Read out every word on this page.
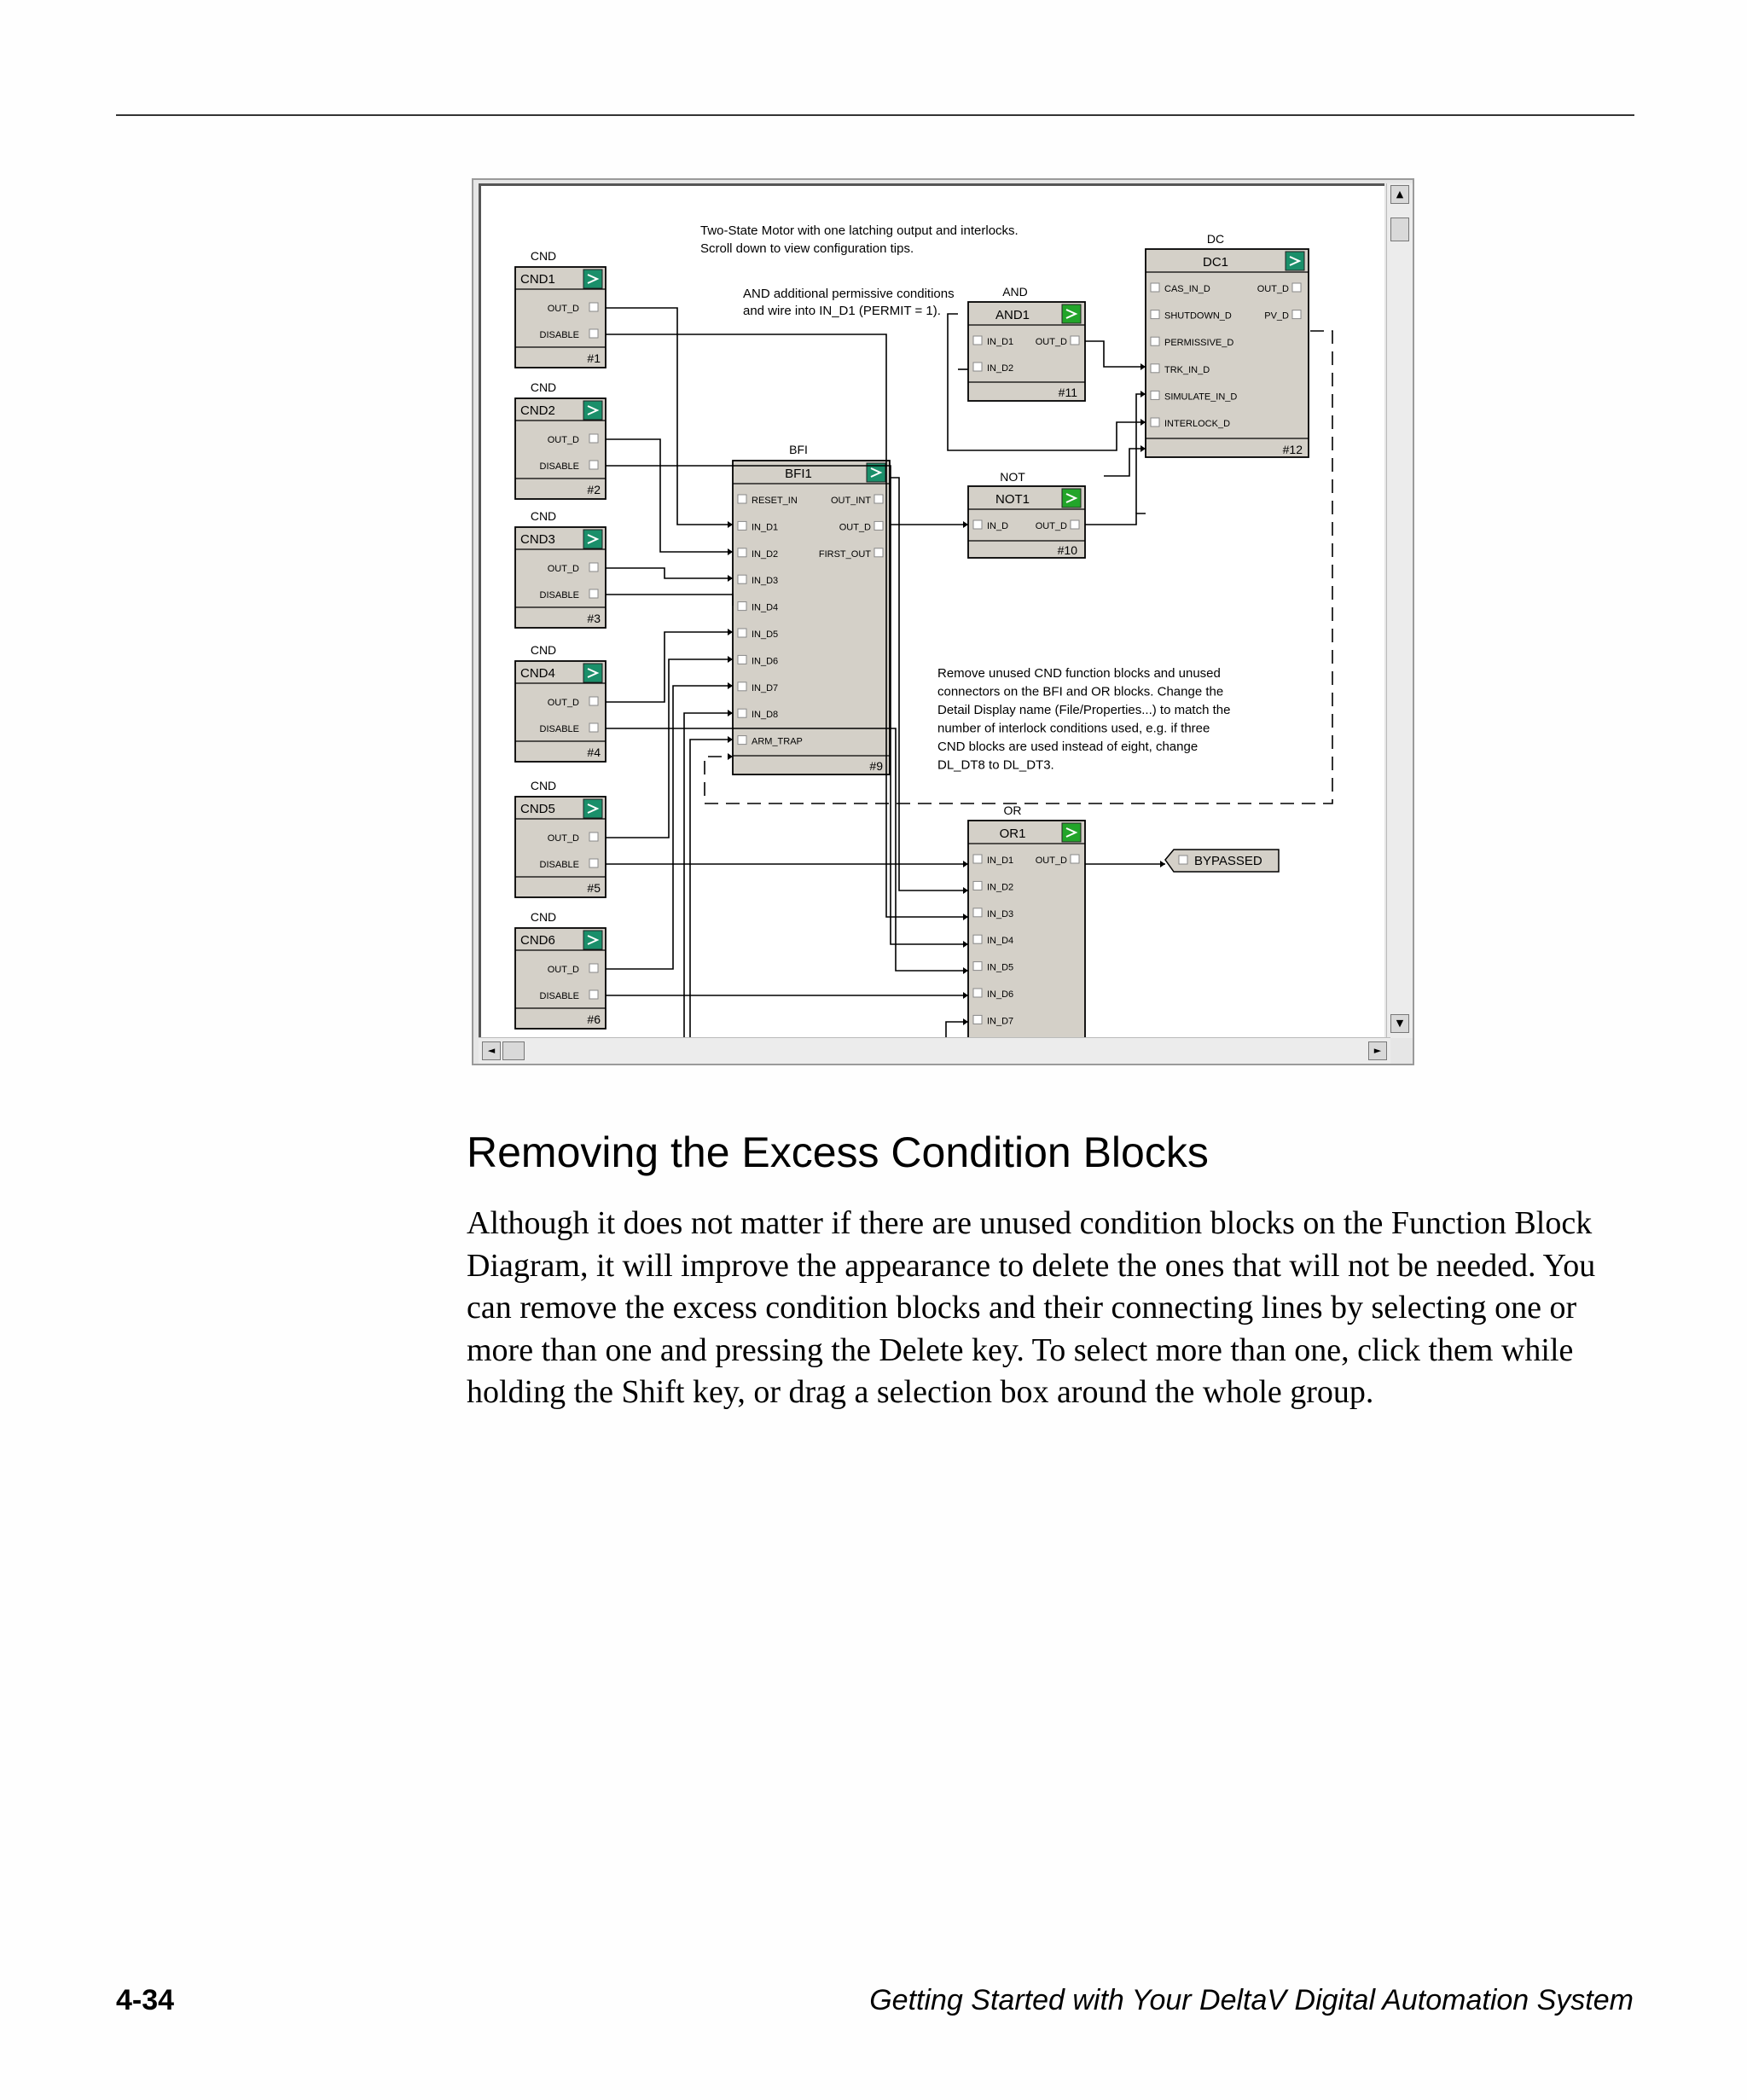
Two-State Motor with one latching output and interlocks.
Scroll down to view configuration tips.
AND additional permissive conditions
and wire into IN_D1 (PERMIT = 1).
Remove unused CND function blocks and unused
connectors on the BFI and OR blocks. Change the
Detail Display name (File/Properties...) to match the
number of interlock conditions used, e.g. if three
CND blocks are used instead of eight, change
DL_DT8 to DL_DT3.
CND
CND1
OUT_D
DISABLE
#1
CND
CND2
OUT_D
DISABLE
#2
CND
CND3
OUT_D
DISABLE
#3
CND
CND4
OUT_D
DISABLE
#4
CND
CND5
OUT_D
DISABLE
#5
CND
CND6
OUT_D
DISABLE
#6
BFI
BFI1
RESET_IN
IN_D1
IN_D2
IN_D3
IN_D4
IN_D5
IN_D6
IN_D7
IN_D8
ARM_TRAP
OUT_INT
OUT_D
FIRST_OUT
#9
AND
AND1
IN_D1
IN_D2
OUT_D
#11
NOT
NOT1
IN_D	OUT_D
#10
DC
DC1
CAS_IN_D
SHUTDOWN_D
PERMISSIVE_D
TRK_IN_D
SIMULATE_IN_D
INTERLOCK_D
OUT_D
PV_D
#12
OR
OR1
IN_D1
IN_D2
IN_D3
IN_D4
IN_D5
IN_D6
IN_D7
OUT_D	BYPASSED
▲
▼
◄	►
Removing the Excess Condition Blocks

Although it does not matter if there are unused condition blocks on the Function Block Diagram, it will improve the appearance to delete the ones that will not be needed. You can remove the excess condition blocks and their connecting lines by selecting one or more than one and pressing the Delete key. To select more than one, click them while holding the Shift key, or drag a selection box around the whole group.

4-34	Getting Started with Your DeltaV Digital Automation System
